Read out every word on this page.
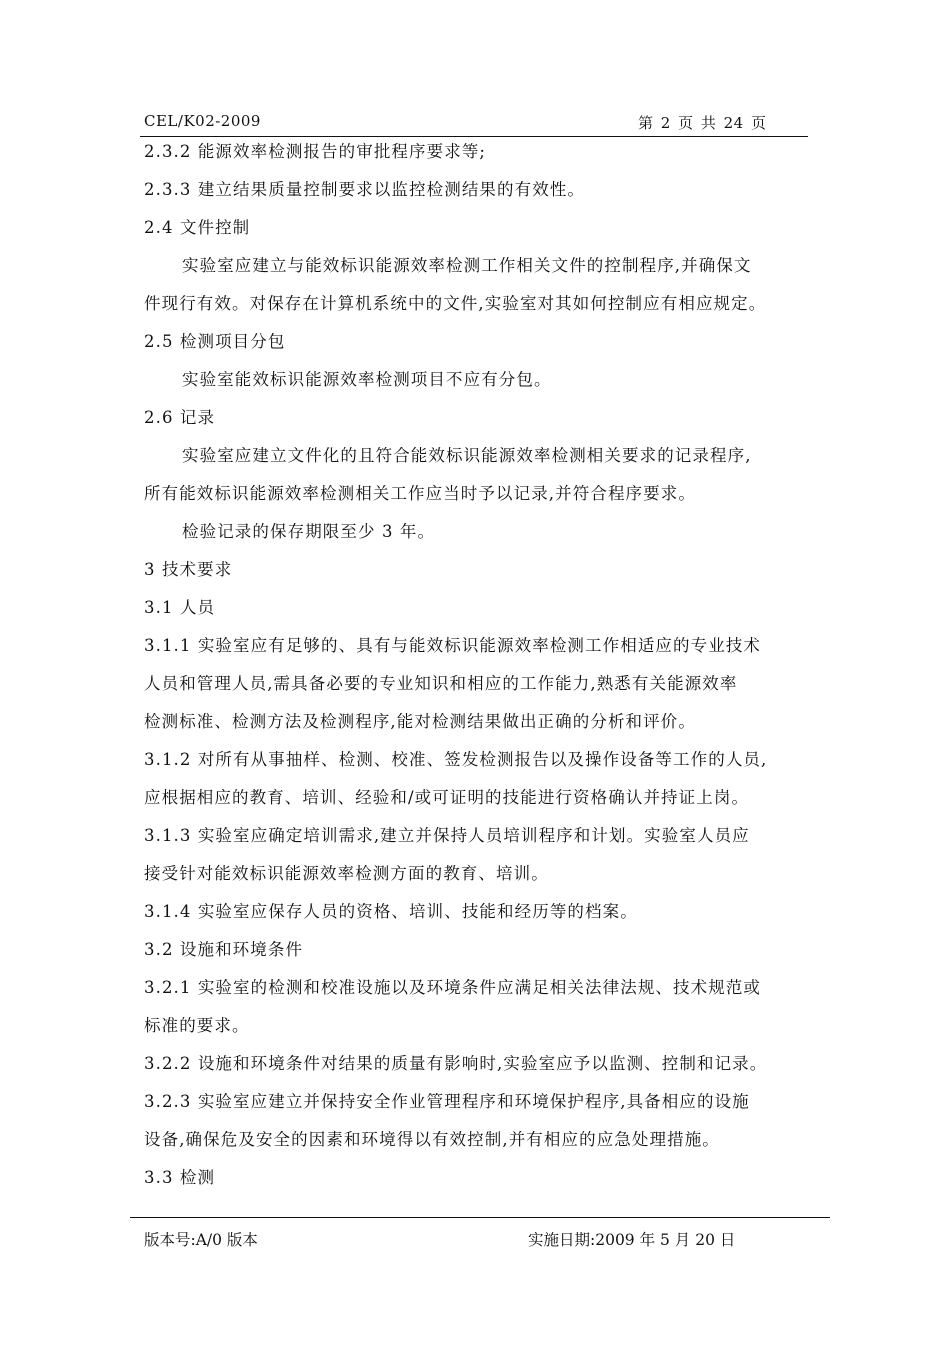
CEL/K02-2009	第 2 页 共 24 页
2.3.2 能源效率检测报告的审批程序要求等;
2.3.3 建立结果质量控制要求以监控检测结果的有效性。
2.4 文件控制
实验室应建立与能效标识能源效率检测工作相关文件的控制程序,并确保文
件现行有效。对保存在计算机系统中的文件,实验室对其如何控制应有相应规定。
2.5 检测项目分包
实验室能效标识能源效率检测项目不应有分包。
2.6 记录
实验室应建立文件化的且符合能效标识能源效率检测相关要求的记录程序,
所有能效标识能源效率检测相关工作应当时予以记录,并符合程序要求。
检验记录的保存期限至少 3 年。
3 技术要求
3.1 人员
3.1.1 实验室应有足够的、具有与能效标识能源效率检测工作相适应的专业技术
人员和管理人员,需具备必要的专业知识和相应的工作能力,熟悉有关能源效率
检测标准、检测方法及检测程序,能对检测结果做出正确的分析和评价。
3.1.2 对所有从事抽样、检测、校准、签发检测报告以及操作设备等工作的人员,
应根据相应的教育、培训、经验和/或可证明的技能进行资格确认并持证上岗。
3.1.3 实验室应确定培训需求,建立并保持人员培训程序和计划。实验室人员应
接受针对能效标识能源效率检测方面的教育、培训。
3.1.4 实验室应保存人员的资格、培训、技能和经历等的档案。
3.2 设施和环境条件
3.2.1 实验室的检测和校准设施以及环境条件应满足相关法律法规、技术规范或
标准的要求。
3.2.2 设施和环境条件对结果的质量有影响时,实验室应予以监测、控制和记录。
3.2.3 实验室应建立并保持安全作业管理程序和环境保护程序,具备相应的设施
设备,确保危及安全的因素和环境得以有效控制,并有相应的应急处理措施。
3.3 检测
版本号:A/0 版本	实施日期:2009 年 5 月 20 日
